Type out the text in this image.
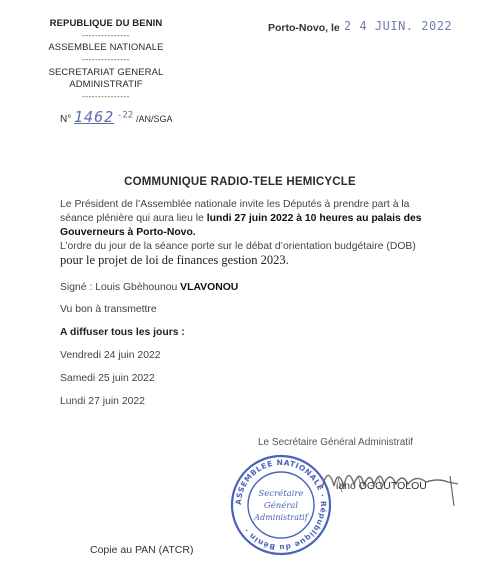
REPUBLIQUE DU BENIN
---------------
ASSEMBLEE NATIONALE
---------------
SECRETARIAT GENERAL
ADMINISTRATIF
---------------
N° 1462 $^{-22}$ /AN/SGA
Porto-Novo, le 2 4 JUIN. 2022
COMMUNIQUE RADIO-TELE HEMICYCLE
Le Président de l’Assemblée nationale invite les Députés à prendre part à la séance plénière qui aura lieu le lundi 27 juin 2022 à 10 heures au palais des Gouverneurs à Porto-Novo.
L’ordre du jour de la séance porte sur le débat d’orientation budgétaire (DOB)
pour le projet de loi de finances gestion 2023.
Signé : Louis Gbèhounou VLAVONOU
Vu bon à transmettre
A diffuser tous les jours :
Vendredi 24 juin 2022
Samedi 25 juin 2022
Lundi 27 juin 2022
Le Secrétaire Général Administratif
iano OGOUTOLOU
ASSEMBLEE NATIONALE · République du Bénin ·
Secrétaire
Général
Administratif
Copie au PAN (ATCR)
